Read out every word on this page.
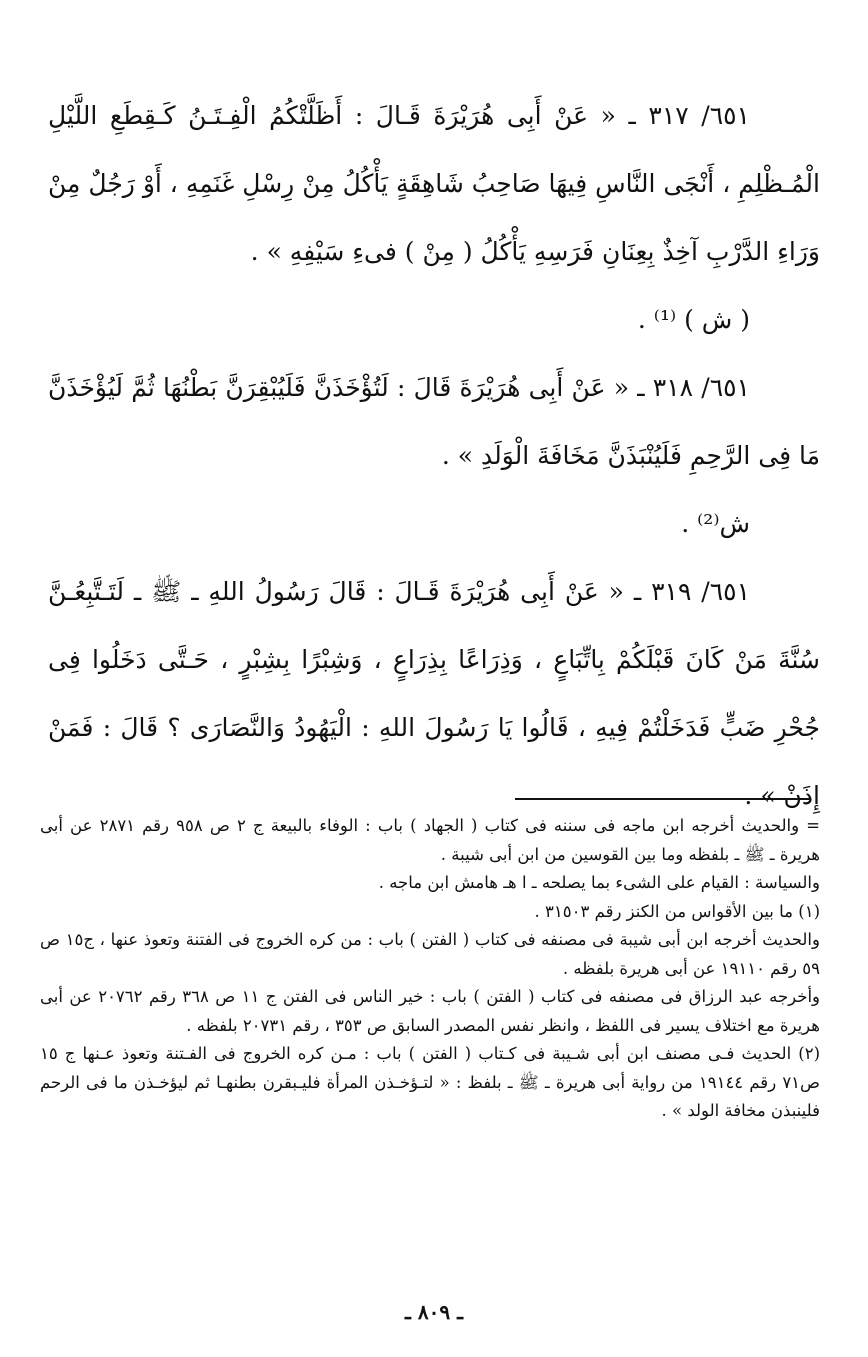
٦٥١/ ٣١٧ ـ « عَنْ أَبِى هُرَيْرَةَ قَـالَ : أَظَلَّتْكُمُ الْفِـتَـنُ كَـقِطَعِ اللَّيْلِ الْمُـظْلِمِ ، أَنْجَى النَّاسِ فِيهَا صَاحِبُ شَاهِقَةٍ يَأْكُلُ مِنْ رِسْلِ غَنَمِهِ ، أَوْ رَجُلٌ مِنْ وَرَاءِ الدَّرْبِ آخِذٌ بِعِنَانِ فَرَسِهِ يَأْكُلُ ( مِنْ ) فىءِ سَيْفِهِ » .

( ش ) ⁽¹⁾ .

٦٥١/ ٣١٨ ـ « عَنْ أَبِى هُرَيْرَةَ قَالَ : لَتُؤْخَذَنَّ فَلَيُبْقِرَنَّ بَطْنُهَا ثُمَّ لَيُؤْخَذَنَّ مَا فِى الرَّحِمِ فَلَيُنْبَذَنَّ مَخَافَةَ الْوَلَدِ » .

ش⁽²⁾ .

٦٥١/ ٣١٩ ـ « عَنْ أَبِى هُرَيْرَةَ قَـالَ : قَالَ رَسُولُ اللهِ ـ ﷺ ـ لَتَـتَّبِعُـنَّ سُنَّةَ مَنْ كَانَ قَبْلَكُمْ بِاتِّبَاعٍ ، وَذِرَاعًا بِذِرَاعٍ ، وَشِبْرًا بِشِبْرٍ ، حَـتَّى دَخَلُوا فِى جُحْرِ ضَبٍّ فَدَخَلْتُمْ فِيهِ ، قَالُوا يَا رَسُولَ اللهِ : الْيَهُودُ وَالنَّصَارَى ؟ قَالَ : فَمَنْ إِذَنْ » .

= والحديث أخرجه ابن ماجه فى سننه فى كتاب ( الجهاد ) باب : الوفاء بالبيعة ج ٢ ص ٩٥٨ رقم ٢٨٧١ عن أبى هريرة ـ ﷺ ـ بلفظه وما بين القوسين من ابن أبى شيبة .

والسياسة : القيام على الشىء بما يصلحه ـ ا هـ هامش ابن ماجه .

(١) ما بين الأقواس من الكنز رقم ٣١٥٠٣ .

والحديث أخرجه ابن أبى شيبة فى مصنفه فى كتاب ( الفتن ) باب : من كره الخروج فى الفتنة وتعوذ عنها ، ج١٥ ص ٥٩ رقم ١٩١١٠ عن أبى هريرة بلفظه .

وأخرجه عبد الرزاق فى مصنفه فى كتاب ( الفتن ) باب : خير الناس فى الفتن ج ١١ ص ٣٦٨ رقم ٢٠٧٦٢ عن أبى هريرة مع اختلاف يسير فى اللفظ ، وانظر نفس المصدر السابق ص ٣٥٣ ، رقم ٢٠٧٣١ بلفظه .

(٢) الحديث فـى مصنف ابن أبى شـيبة فى كـتاب ( الفتن ) باب : مـن كره الخروج فى الفـتنة وتعوذ عـنها ج ١٥ ص٧١ رقم ١٩١٤٤ من رواية أبى هريرة ـ ﷺ ـ بلفظ : « لتـؤخـذن المرأة فليـبقرن بطنهـا ثم ليؤخـذن ما فى الرحم فلينبذن مخافة الولد » .

ـ ٨٠٩ ـ
